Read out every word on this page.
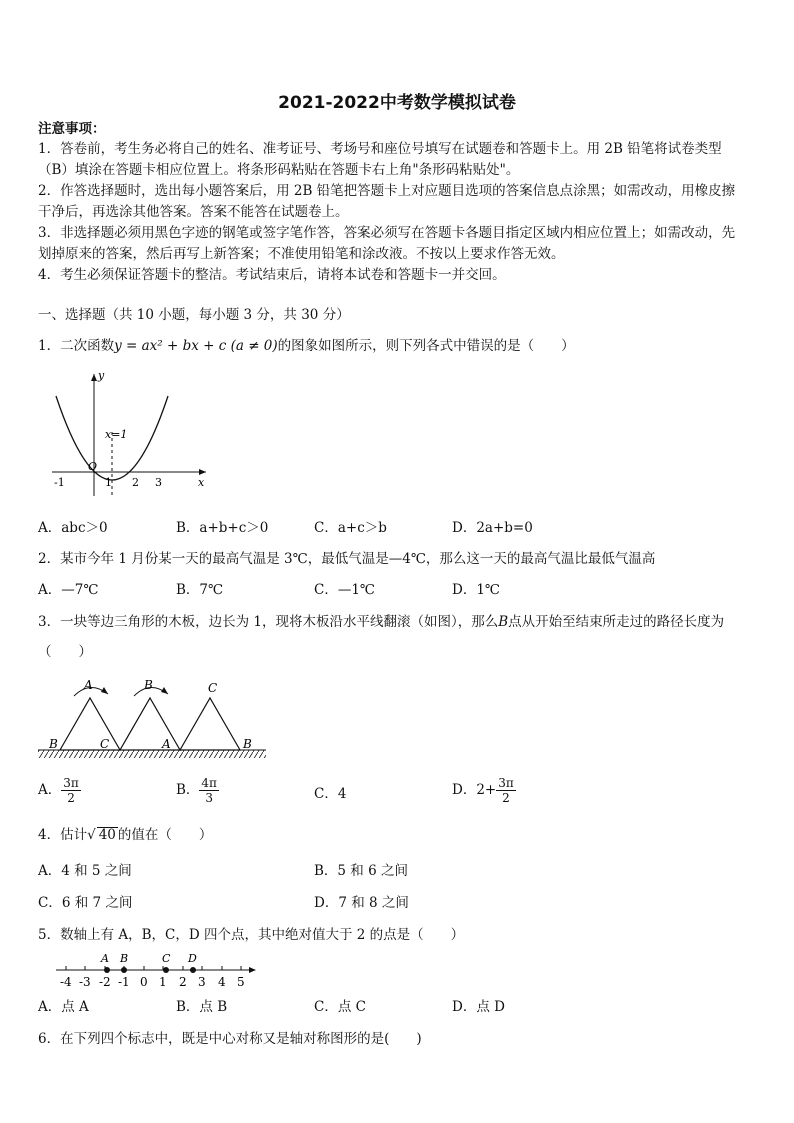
2021-2022中考数学模拟试卷
注意事项：
1．答卷前，考生务必将自己的姓名、准考证号、考场号和座位号填写在试题卷和答题卡上。用 2B 铅笔将试卷类型
（B）填涂在答题卡相应位置上。将条形码粘贴在答题卡右上角"条形码粘贴处"。
2．作答选择题时，选出每小题答案后，用 2B 铅笔把答题卡上对应题目选项的答案信息点涂黑；如需改动，用橡皮擦
干净后，再选涂其他答案。答案不能答在试题卷上。
3．非选择题必须用黑色字迹的钢笔或签字笔作答，答案必须写在答题卡各题目指定区域内相应位置上；如需改动，先
划掉原来的答案，然后再写上新答案；不准使用铅笔和涂改液。不按以上要求作答无效。
4．考生必须保证答题卡的整洁。考试结束后，请将本试卷和答题卡一并交回。
一、选择题（共 10 小题，每小题 3 分，共 30 分）
1．二次函数y = ax² + bx + c (a ≠ 0)的图象如图所示，则下列各式中错误的是（　　）
y
x
O
x=1
-1	1 2 3
A．abc＞0	B．a+b+c＞0	C．a+c＞b	D．2a+b=0
2．某市今年 1 月份某一天的最高气温是 3℃，最低气温是—4℃，那么这一天的最高气温比最低气温高
A．—7℃	B．7℃	C．—1℃	D．1℃
3．一块等边三角形的木板，边长为 1，现将木板沿水平线翻滚（如图），那么B点从开始至结束所走过的路径长度为
（　　）
A	B	C
B	C	A	B
A． $\frac{3\pi}{2}$	B． $\frac{4\pi}{3}$	C．4	D．$2+ \frac{3\pi}{2}$
4．估计√ 40 的值在（　　）
A．4 和 5 之间	B．5 和 6 之间
C．6 和 7 之间	D．7 和 8 之间
5．数轴上有 A，B，C，D 四个点，其中绝对值大于 2 的点是（　　）
A B	C D
-4 -3 -2 -1 0 1 2 3 4 5
A．点 A	B．点 B	C．点 C	D．点 D
6．在下列四个标志中，既是中心对称又是轴对称图形的是(　　)
